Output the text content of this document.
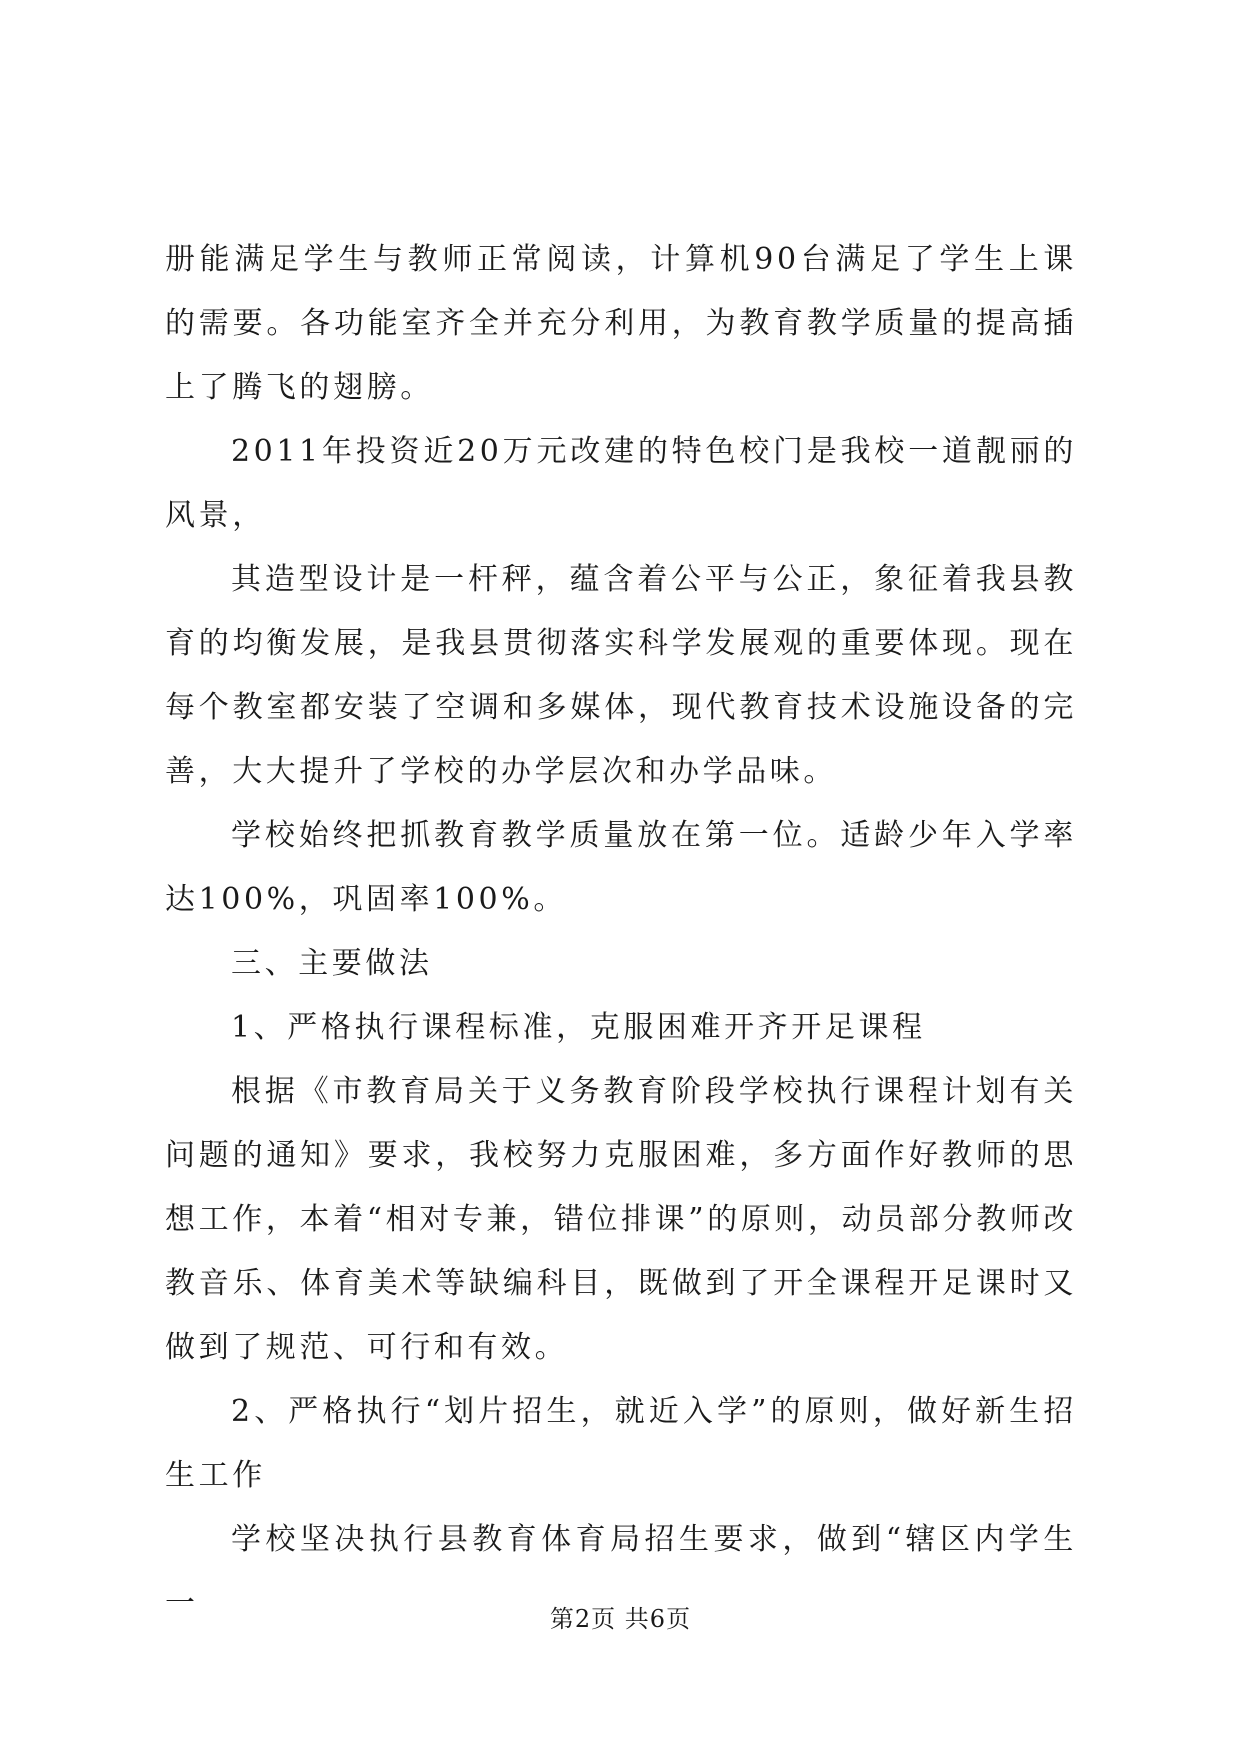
册能满足学生与教师正常阅读，计算机90台满足了学生上课的需要。各功能室齐全并充分利用，为教育教学质量的提高插上了腾飞的翅膀。

2011年投资近20万元改建的特色校门是我校一道靓丽的风景，

其造型设计是一杆秤，蕴含着公平与公正，象征着我县教育的均衡发展，是我县贯彻落实科学发展观的重要体现。现在每个教室都安装了空调和多媒体，现代教育技术设施设备的完善，大大提升了学校的办学层次和办学品味。

学校始终把抓教育教学质量放在第一位。适龄少年入学率达100%，巩固率100%。

三、主要做法

1、严格执行课程标准，克服困难开齐开足课程

根据《市教育局关于义务教育阶段学校执行课程计划有关问题的通知》要求，我校努力克服困难，多方面作好教师的思想工作，本着“相对专兼，错位排课”的原则，动员部分教师改教音乐、体育美术等缺编科目，既做到了开全课程开足课时又做到了规范、可行和有效。

2、严格执行“划片招生，就近入学”的原则，做好新生招生工作

学校坚决执行县教育体育局招生要求，做到“辖区内学生一	第2页 共6页
